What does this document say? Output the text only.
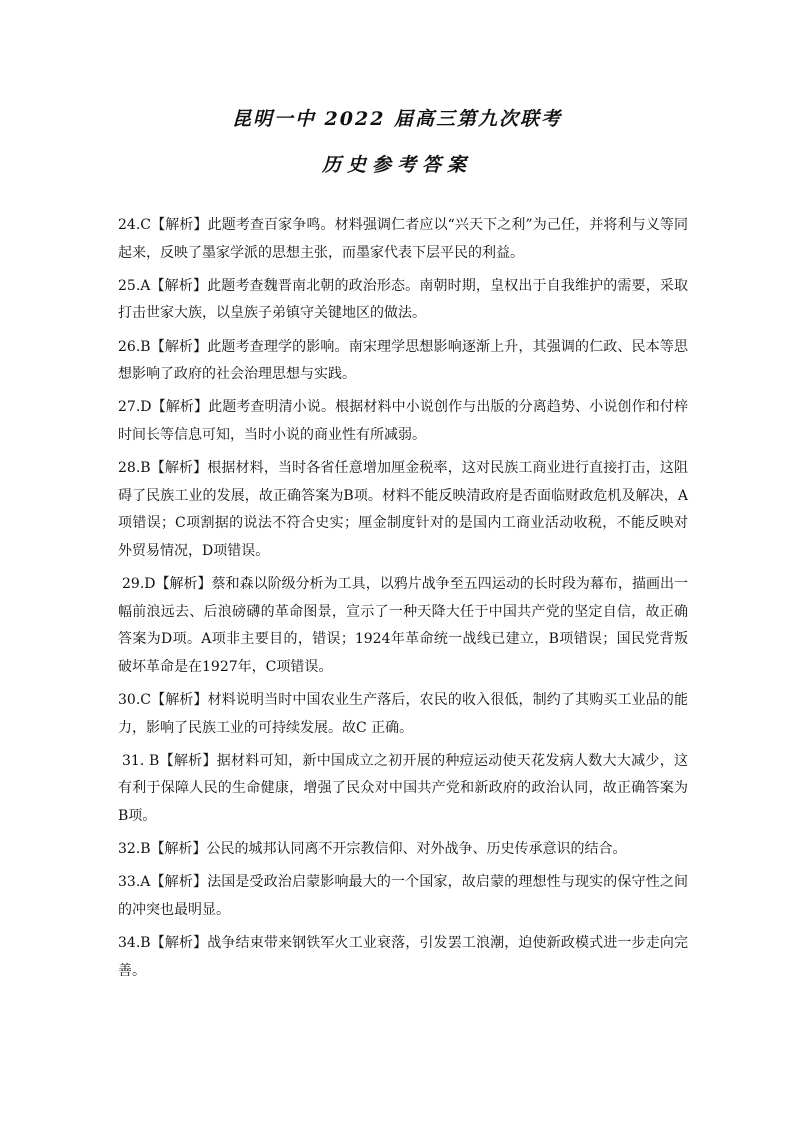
昆明一中 2022 届高三第九次联考
历史参考答案

24.C【解析】此题考查百家争鸣。材料强调仁者应以“兴天下之利”为己任，并将利与义等同起来，反映了墨家学派的思想主张，而墨家代表下层平民的利益。

25.A【解析】此题考查魏晋南北朝的政治形态。南朝时期，皇权出于自我维护的需要，采取打击世家大族，以皇族子弟镇守关键地区的做法。

26.B【解析】此题考查理学的影响。南宋理学思想影响逐渐上升，其强调的仁政、民本等思想影响了政府的社会治理思想与实践。

27.D【解析】此题考查明清小说。根据材料中小说创作与出版的分离趋势、小说创作和付梓时间长等信息可知，当时小说的商业性有所减弱。

28.B【解析】根据材料，当时各省任意增加厘金税率，这对民族工商业进行直接打击，这阻碍了民族工业的发展，故正确答案为B项。材料不能反映清政府是否面临财政危机及解决，A项错误；C项割据的说法不符合史实；厘金制度针对的是国内工商业活动收税，不能反映对外贸易情况，D项错误。

29.D【解析】蔡和森以阶级分析为工具，以鸦片战争至五四运动的长时段为幕布，描画出一幅前浪远去、后浪磅礴的革命图景，宣示了一种天降大任于中国共产党的坚定自信，故正确答案为D项。A项非主要目的，错误；1924年革命统一战线已建立，B项错误；国民党背叛破坏革命是在1927年，C项错误。

30.C【解析】材料说明当时中国农业生产落后，农民的收入很低，制约了其购买工业品的能力，影响了民族工业的可持续发展。故C 正确。

31. B【解析】据材料可知，新中国成立之初开展的种痘运动使天花发病人数大大减少，这有利于保障人民的生命健康，增强了民众对中国共产党和新政府的政治认同，故正确答案为B项。

32.B【解析】公民的城邦认同离不开宗教信仰、对外战争、历史传承意识的结合。

33.A【解析】法国是受政治启蒙影响最大的一个国家，故启蒙的理想性与现实的保守性之间的冲突也最明显。

34.B【解析】战争结束带来钢铁军火工业衰落，引发罢工浪潮，迫使新政模式进一步走向完善。
